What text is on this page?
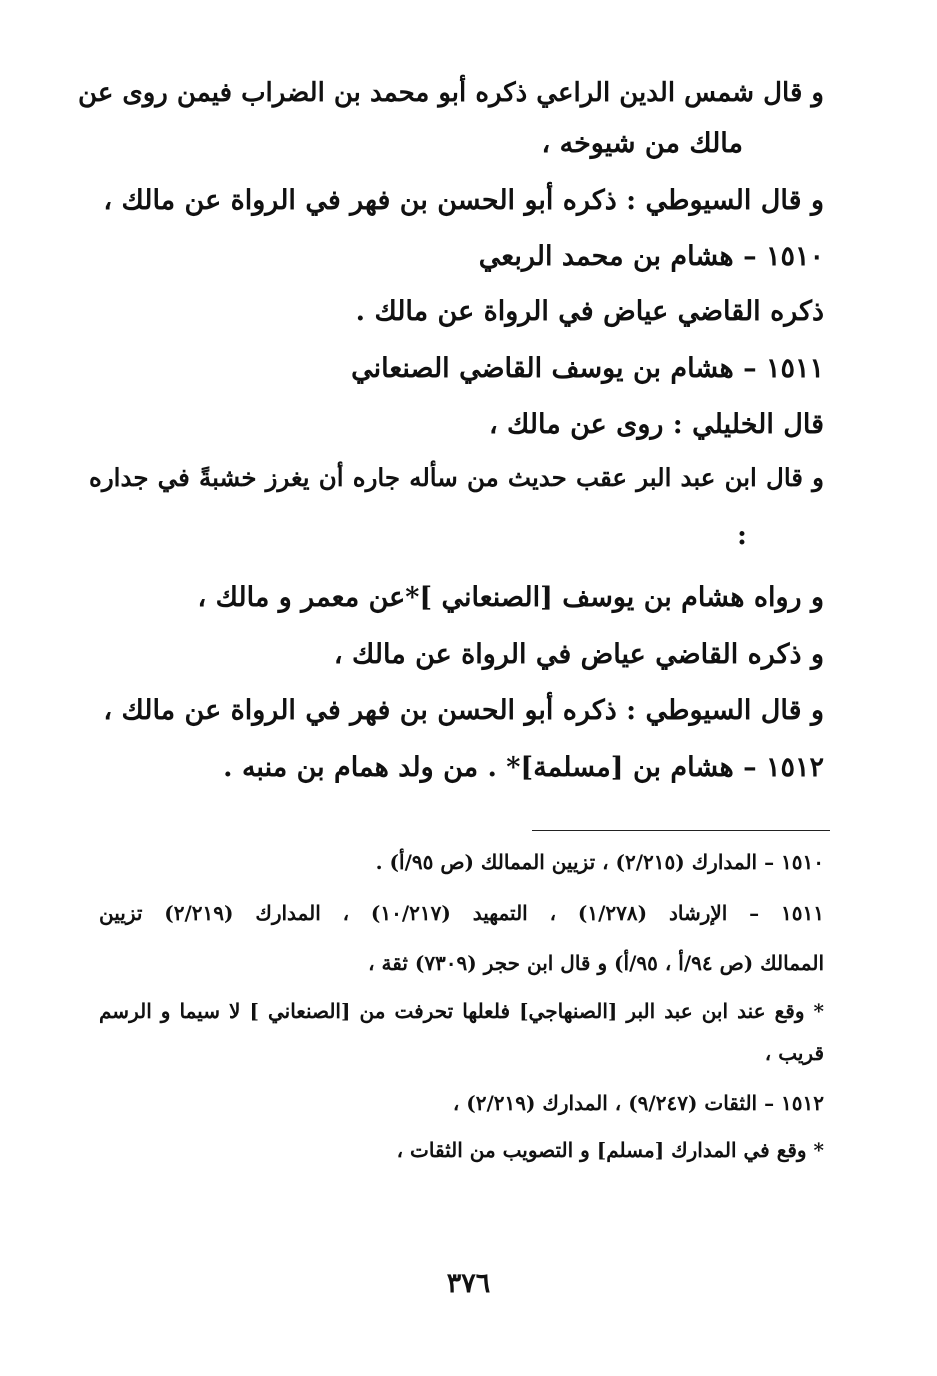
و قال شمس الدين الراعي ذكره أبو محمد بن الضراب فيمن روى عن
مالك من شيوخه ،
و قال السيوطي : ذكره أبو الحسن بن فهر في الرواة عن مالك ،
١٥١٠ – هشام بن محمد الربعي
ذكره القاضي عياض في الرواة عن مالك .
١٥١١ – هشام بن يوسف القاضي الصنعاني
قال الخليلي : روى عن مالك ،
و قال ابن عبد البر عقب حديث من سأله جاره أن يغرز خشبةً في جداره
:
و رواه هشام بن يوسف [الصنعاني ]*عن معمر و مالك ،
و ذكره القاضي عياض في الرواة عن مالك ،
و قال السيوطي : ذكره أبو الحسن بن فهر في الرواة عن مالك ،
١٥١٢ – هشام بن [مسلمة]* . من ولد همام بن منبه .
١٥١٠ – المدارك (٢/٢١٥) ، تزيين الممالك (ص ٩٥/أ) .
١٥١١ – الإرشاد (١/٢٧٨) ، التمهيد (١٠/٢١٧) ، المدارك (٢/٢١٩) تزيين
الممالك (ص ٩٤/أ ، ٩٥/أ) و قال ابن حجر (٧٣٠٩) ثقة ،
* وقع عند ابن عبد البر [الصنهاجي] فلعلها تحرفت من [الصنعاني ] لا سيما و الرسم
قريب ،
١٥١٢ – الثقات (٩/٢٤٧) ، المدارك (٢/٢١٩) ،
* وقع في المدارك [مسلم] و التصويب من الثقات ،
٣٧٦
